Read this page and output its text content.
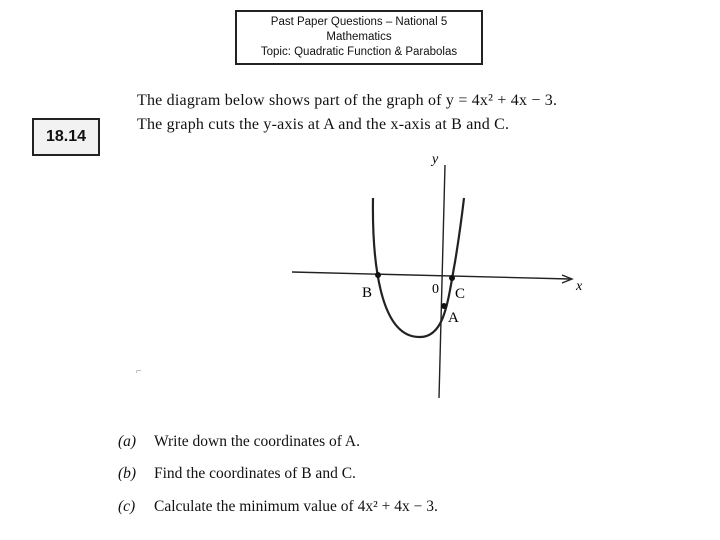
Past Paper Questions – National 5
Mathematics
Topic: Quadratic Function & Parabolas
18.14
The diagram below shows part of the graph of y = 4x² + 4x − 3.
The graph cuts the y-axis at A and the x-axis at B and C.
y
x
B	0 C
A
⌐
(a) Write down the coordinates of A.
(b) Find the coordinates of B and C.
(c) Calculate the minimum value of 4x² + 4x − 3.
